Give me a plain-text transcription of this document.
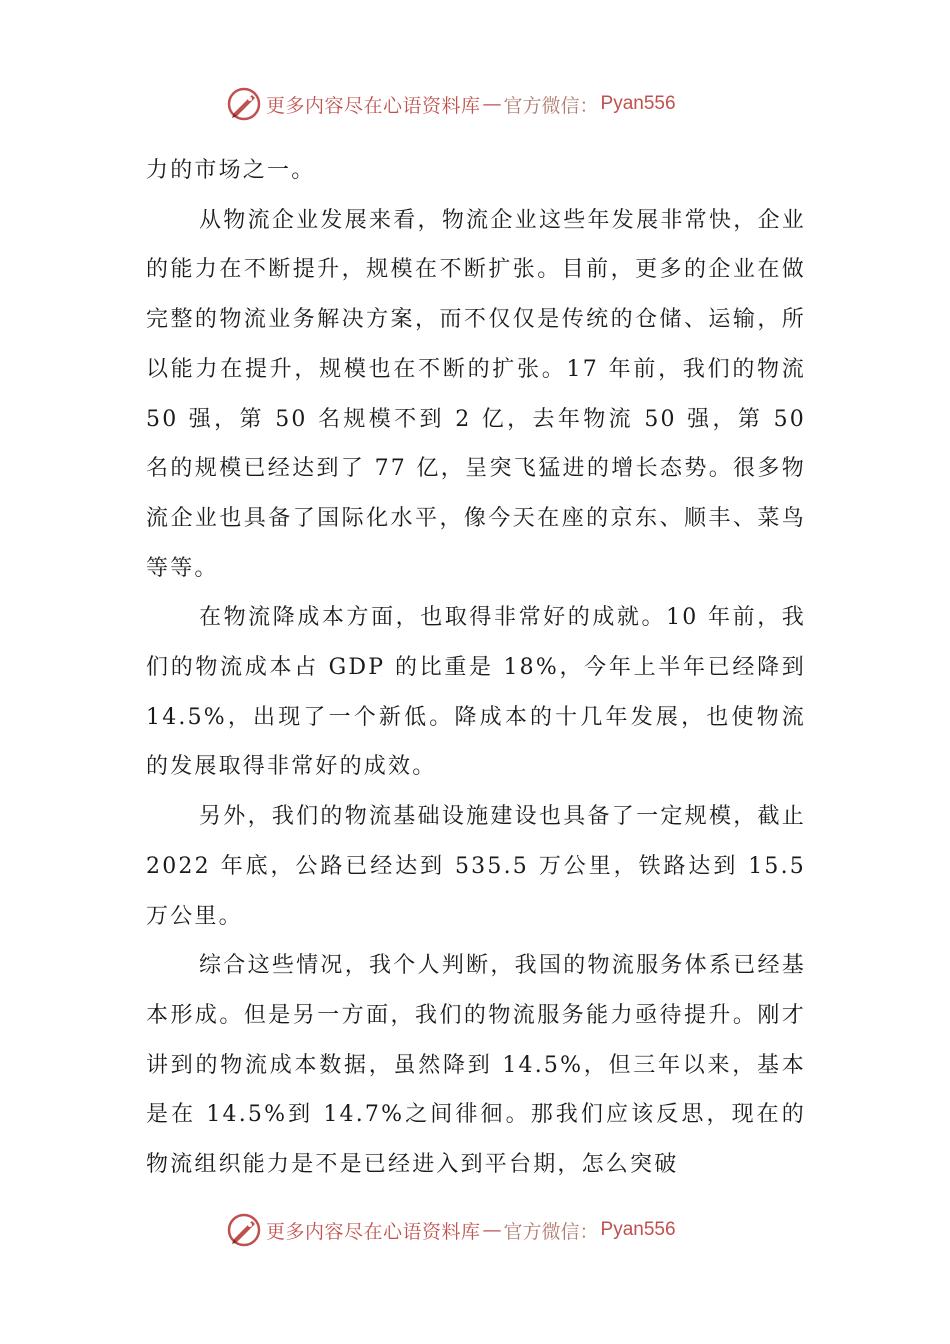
更多内容尽在心语资料库 — 官方微信： Pyan556

力的市场之一。

从物流企业发展来看，物流企业这些年发展非常快，企业的能力在不断提升，规模在不断扩张。目前，更多的企业在做完整的物流业务解决方案，而不仅仅是传统的仓储、运输，所以能力在提升，规模也在不断的扩张。17 年前，我们的物流 50 强，第 50 名规模不到 2 亿，去年物流 50 强，第 50 名的规模已经达到了 77 亿，呈突飞猛进的增长态势。很多物流企业也具备了国际化水平，像今天在座的京东、顺丰、菜鸟等等。

在物流降成本方面，也取得非常好的成就。10 年前，我们的物流成本占 GDP 的比重是 18%，今年上半年已经降到 14.5%，出现了一个新低。降成本的十几年发展，也使物流的发展取得非常好的成效。

另外，我们的物流基础设施建设也具备了一定规模，截止 2022 年底，公路已经达到 535.5 万公里，铁路达到 15.5 万公里。

综合这些情况，我个人判断，我国的物流服务体系已经基本形成。但是另一方面，我们的物流服务能力亟待提升。刚才讲到的物流成本数据，虽然降到 14.5%，但三年以来，基本是在 14.5%到 14.7%之间徘徊。那我们应该反思，现在的物流组织能力是不是已经进入到平台期，怎么突破

更多内容尽在心语资料库 — 官方微信： Pyan556
